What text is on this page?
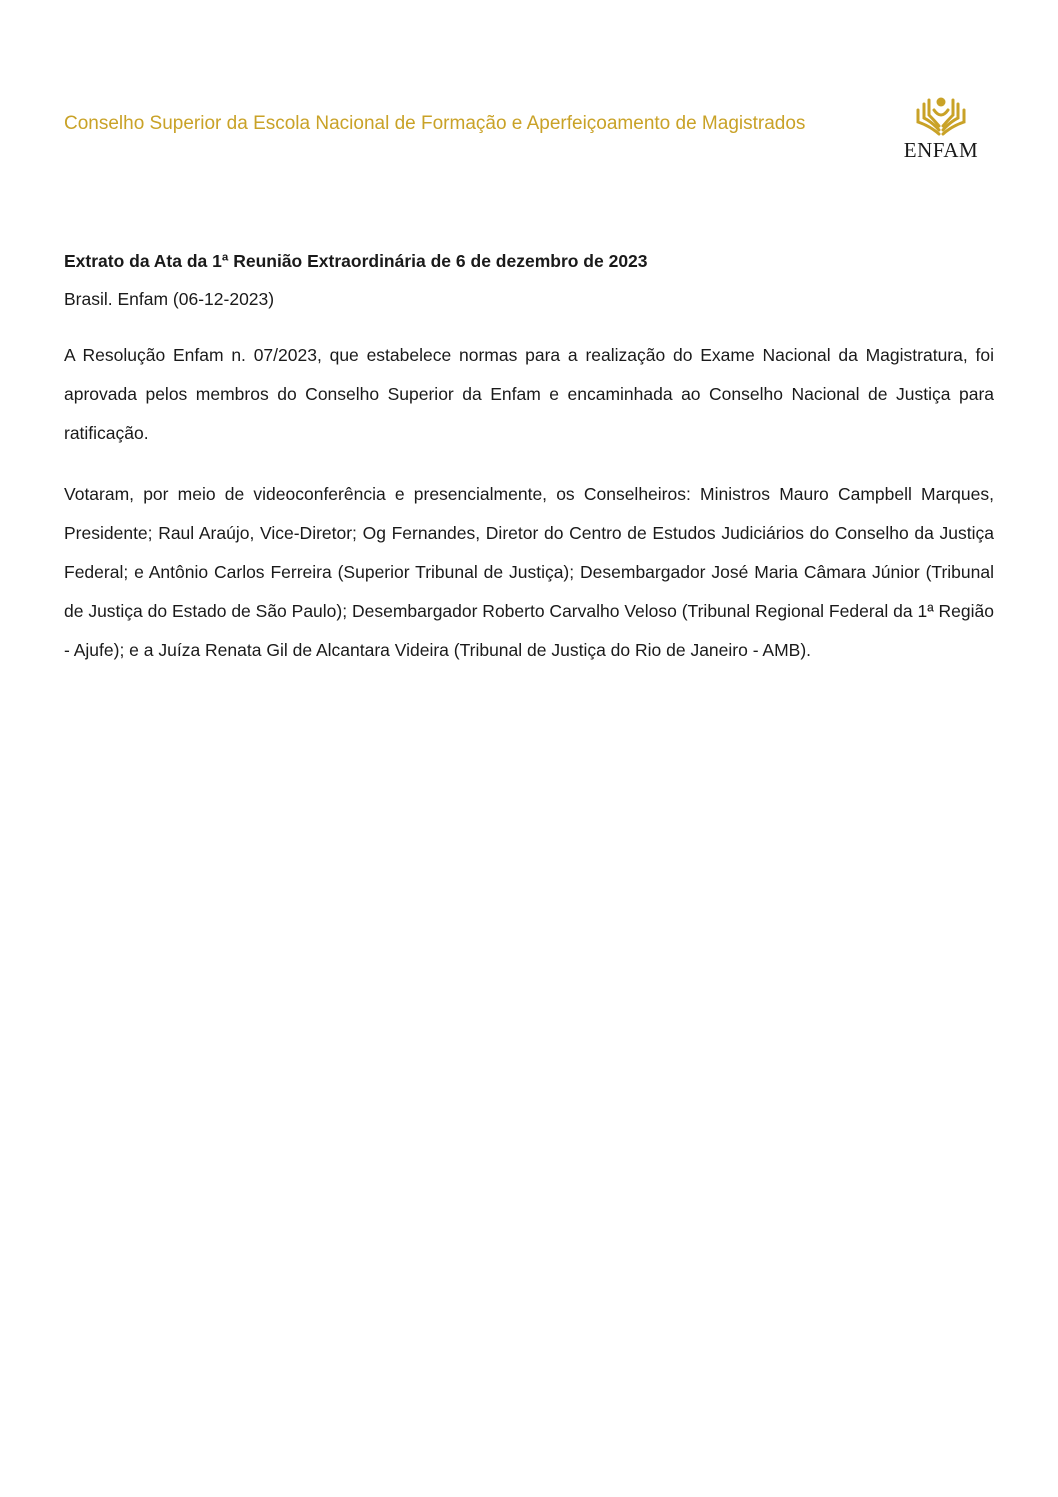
Conselho Superior da Escola Nacional de Formação e Aperfeiçoamento de Magistrados
ENFAM

Extrato da Ata da 1ª Reunião Extraordinária de 6 de dezembro de 2023

Brasil. Enfam (06-12-2023)

A Resolução Enfam n. 07/2023, que estabelece normas para a realização do Exame Nacional da Magistratura, foi aprovada pelos membros do Conselho Superior da Enfam e encaminhada ao Conselho Nacional de Justiça para ratificação.

Votaram, por meio de videoconferência e presencialmente, os Conselheiros: Ministros Mauro Campbell Marques, Presidente; Raul Araújo, Vice-Diretor; Og Fernandes, Diretor do Centro de Estudos Judiciários do Conselho da Justiça Federal; e Antônio Carlos Ferreira (Superior Tribunal de Justiça); Desembargador José Maria Câmara Júnior (Tribunal de Justiça do Estado de São Paulo); Desembargador Roberto Carvalho Veloso (Tribunal Regional Federal da 1ª Região - Ajufe); e a Juíza Renata Gil de Alcantara Videira (Tribunal de Justiça do Rio de Janeiro - AMB).
